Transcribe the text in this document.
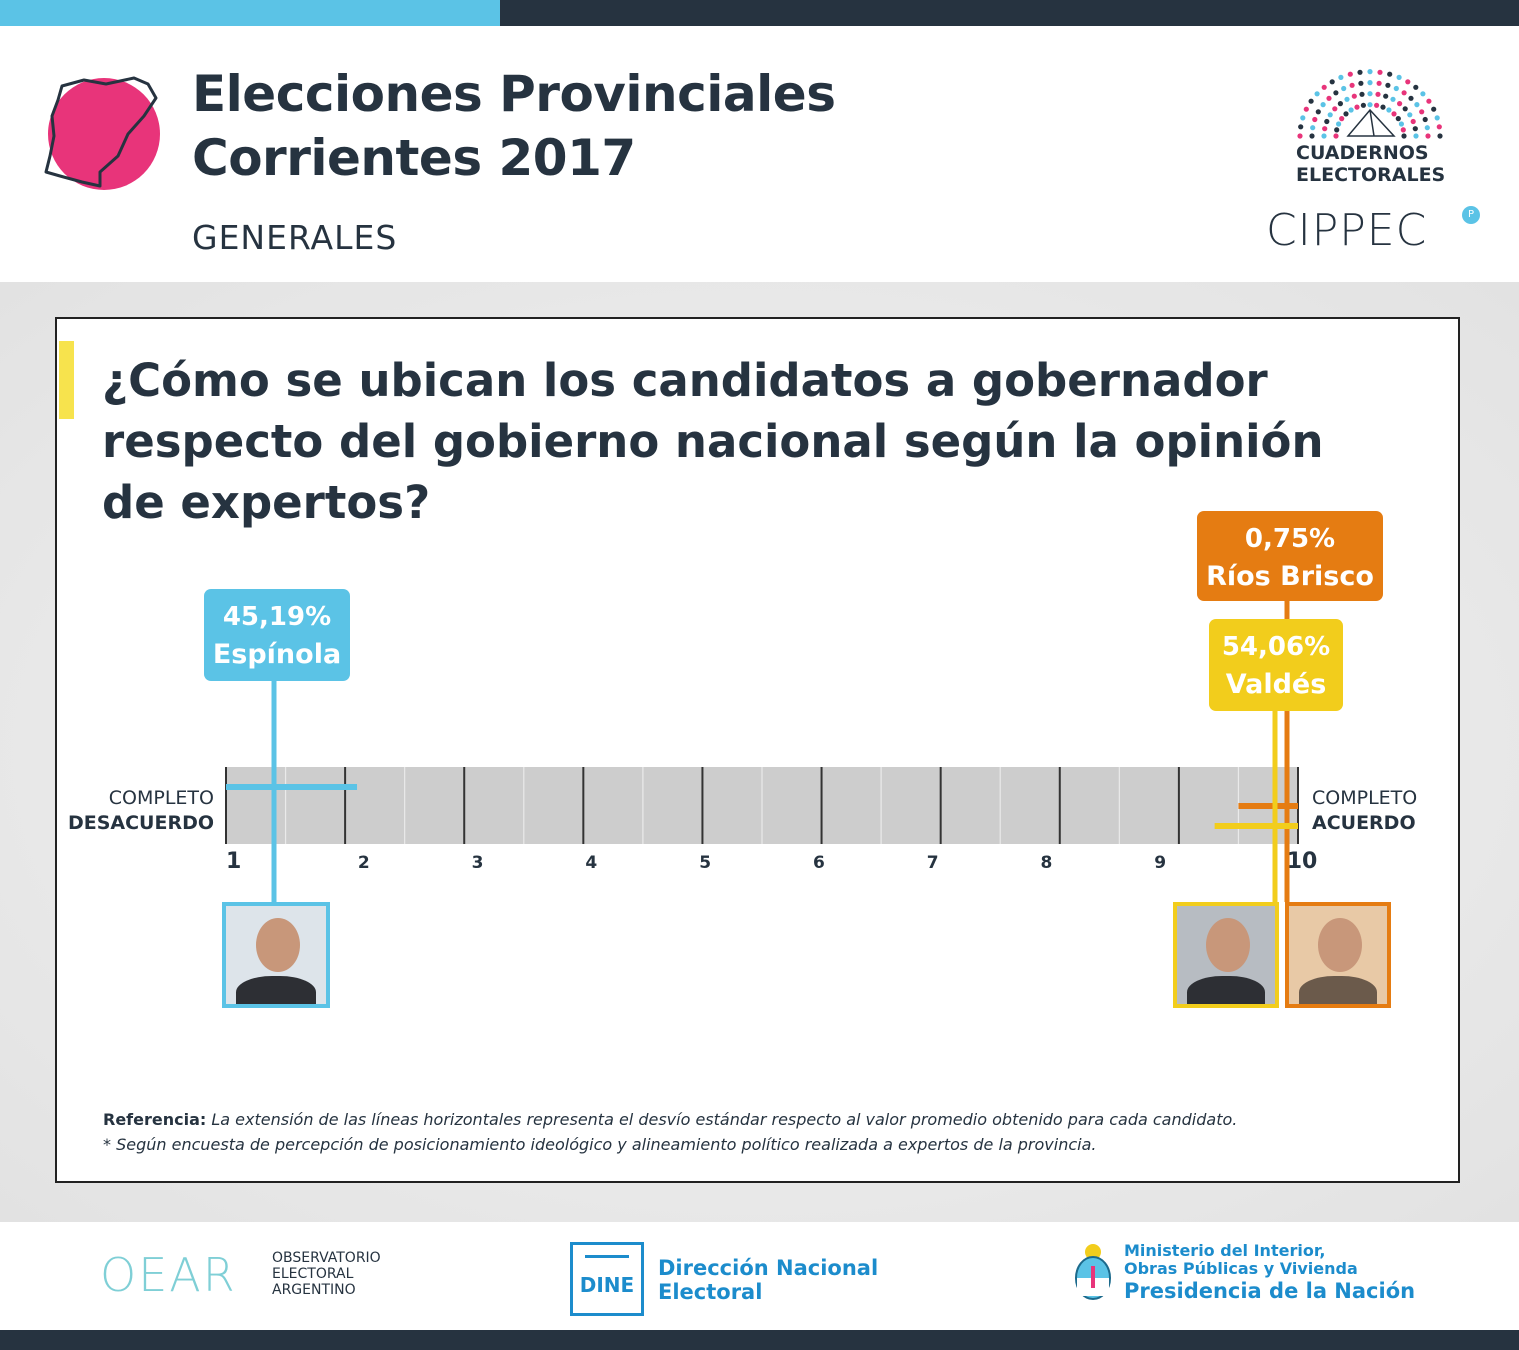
Elecciones Provinciales
Corrientes 2017
GENERALES
CUADERNOS
ELECTORALES
CIPPEC	P
¿Cómo se ubican los candidatos a gobernador
respecto del gobierno nacional según la opinión
de expertos?
1	2	3	4	5	6	7	8	9	10
COMPLETO
DESACUERDO
COMPLETO
ACUERDO
45,19%
Espínola
0,75%
Ríos Brisco
54,06%
Valdés
Referencia: La extensión de las líneas horizontales representa el desvío estándar respecto al valor promedio obtenido para cada candidato.
* Según encuesta de percepción de posicionamiento ideológico y alineamiento político realizada a expertos de la provincia.
OEAR	OBSERVATORIO
ELECTORAL
ARGENTINO	DINE
Dirección Nacional
Electoral
Ministerio del Interior,
Obras Públicas y Vivienda
Presidencia de la Nación
